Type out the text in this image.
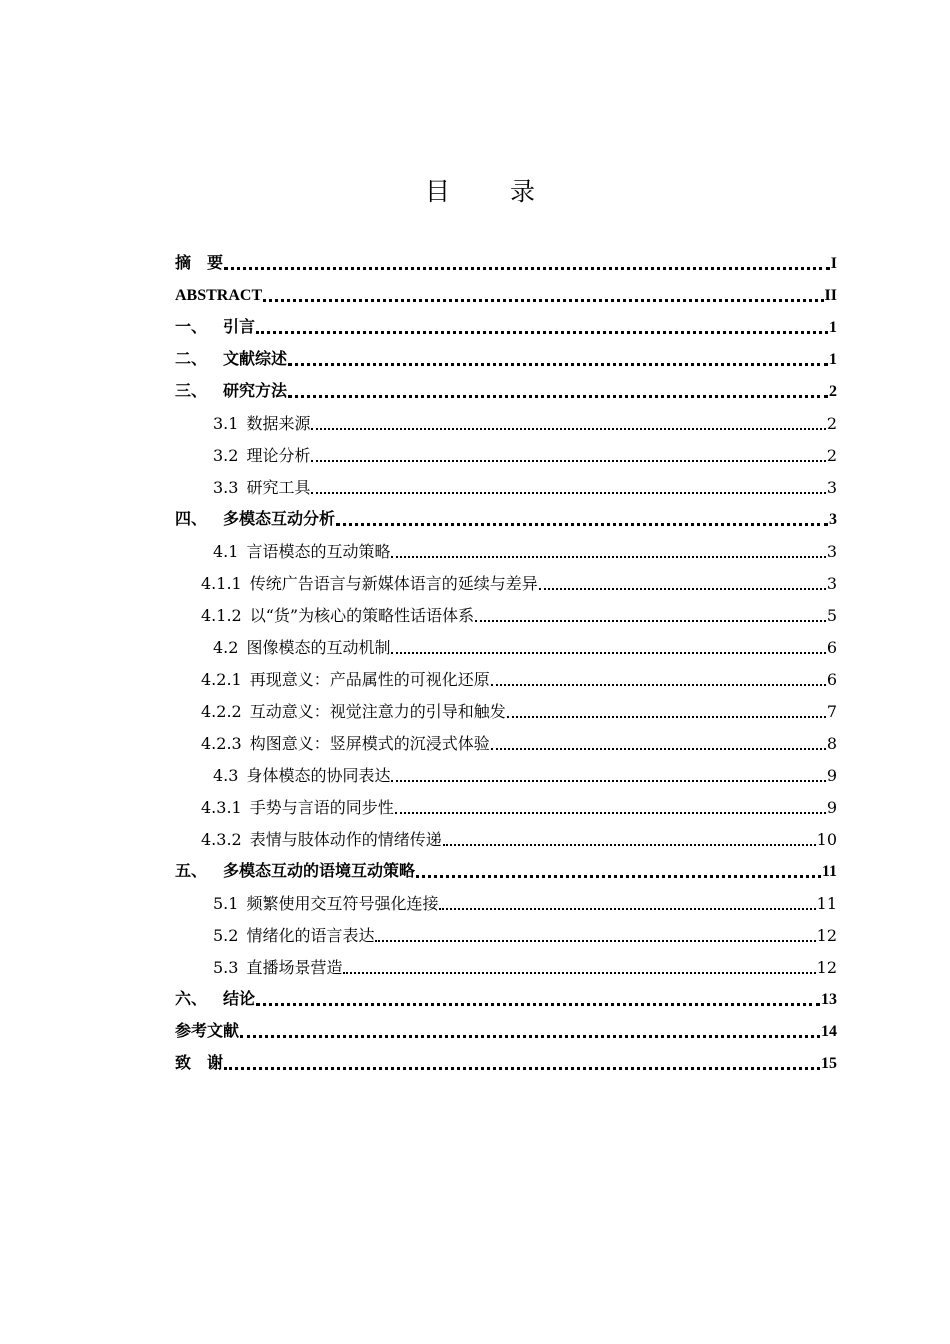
目 录
摘　要	I
ABSTRACT	II
一、 引言	1
二、 文献综述	1
三、 研究方法	2
3.1 数据来源	2
3.2 理论分析	2
3.3 研究工具	3
四、 多模态互动分析	3
4.1 言语模态的互动策略	3
4.1.1 传统广告语言与新媒体语言的延续与差异	3
4.1.2 以“货”为核心的策略性话语体系	5
4.2 图像模态的互动机制	6
4.2.1 再现意义：产品属性的可视化还原	6
4.2.2 互动意义：视觉注意力的引导和触发	7
4.2.3 构图意义：竖屏模式的沉浸式体验	8
4.3 身体模态的协同表达	9
4.3.1 手势与言语的同步性	9
4.3.2 表情与肢体动作的情绪传递	10
五、 多模态互动的语境互动策略	11
5.1 频繁使用交互符号强化连接	11
5.2 情绪化的语言表达	12
5.3 直播场景营造	12
六、 结论	13
参考文献	14
致　谢	15
